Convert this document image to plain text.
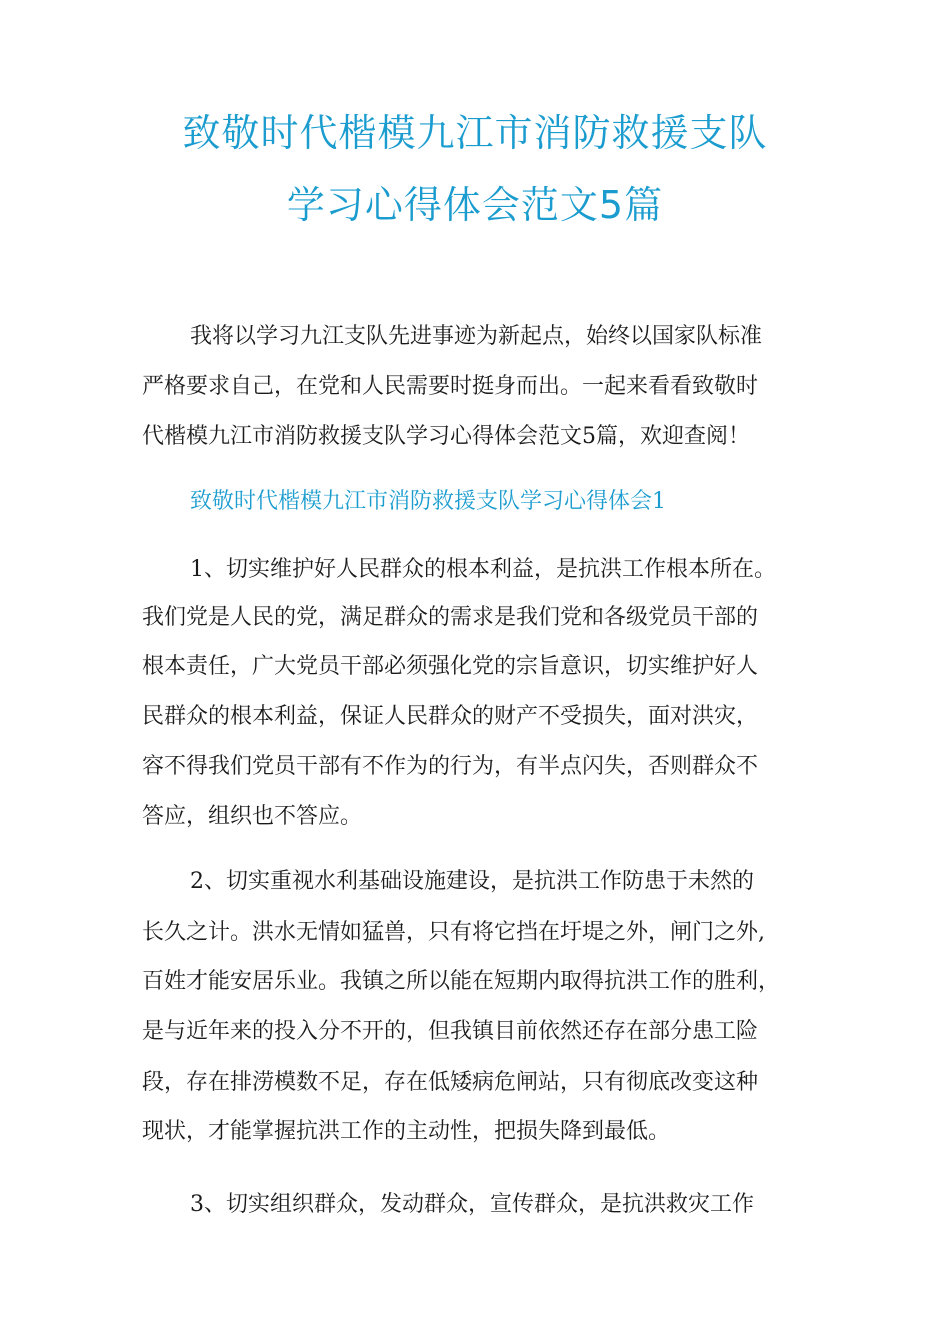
致敬时代楷模九江市消防救援支队
学习心得体会范文5篇
我将以学习九江支队先进事迹为新起点，始终以国家队标准
严格要求自己，在党和人民需要时挺身而出。一起来看看致敬时
代楷模九江市消防救援支队学习心得体会范文5篇，欢迎查阅！
致敬时代楷模九江市消防救援支队学习心得体会1
1、切实维护好人民群众的根本利益，是抗洪工作根本所在。
我们党是人民的党，满足群众的需求是我们党和各级党员干部的
根本责任，广大党员干部必须强化党的宗旨意识，切实维护好人
民群众的根本利益，保证人民群众的财产不受损失，面对洪灾，
容不得我们党员干部有不作为的行为，有半点闪失，否则群众不
答应，组织也不答应。
2、切实重视水利基础设施建设，是抗洪工作防患于未然的
长久之计。洪水无情如猛兽，只有将它挡在圩堤之外，闸门之外,
百姓才能安居乐业。我镇之所以能在短期内取得抗洪工作的胜利，
是与近年来的投入分不开的，但我镇目前依然还存在部分患工险
段，存在排涝模数不足，存在低矮病危闸站，只有彻底改变这种
现状，才能掌握抗洪工作的主动性，把损失降到最低。
3、切实组织群众，发动群众，宣传群众，是抗洪救灾工作
